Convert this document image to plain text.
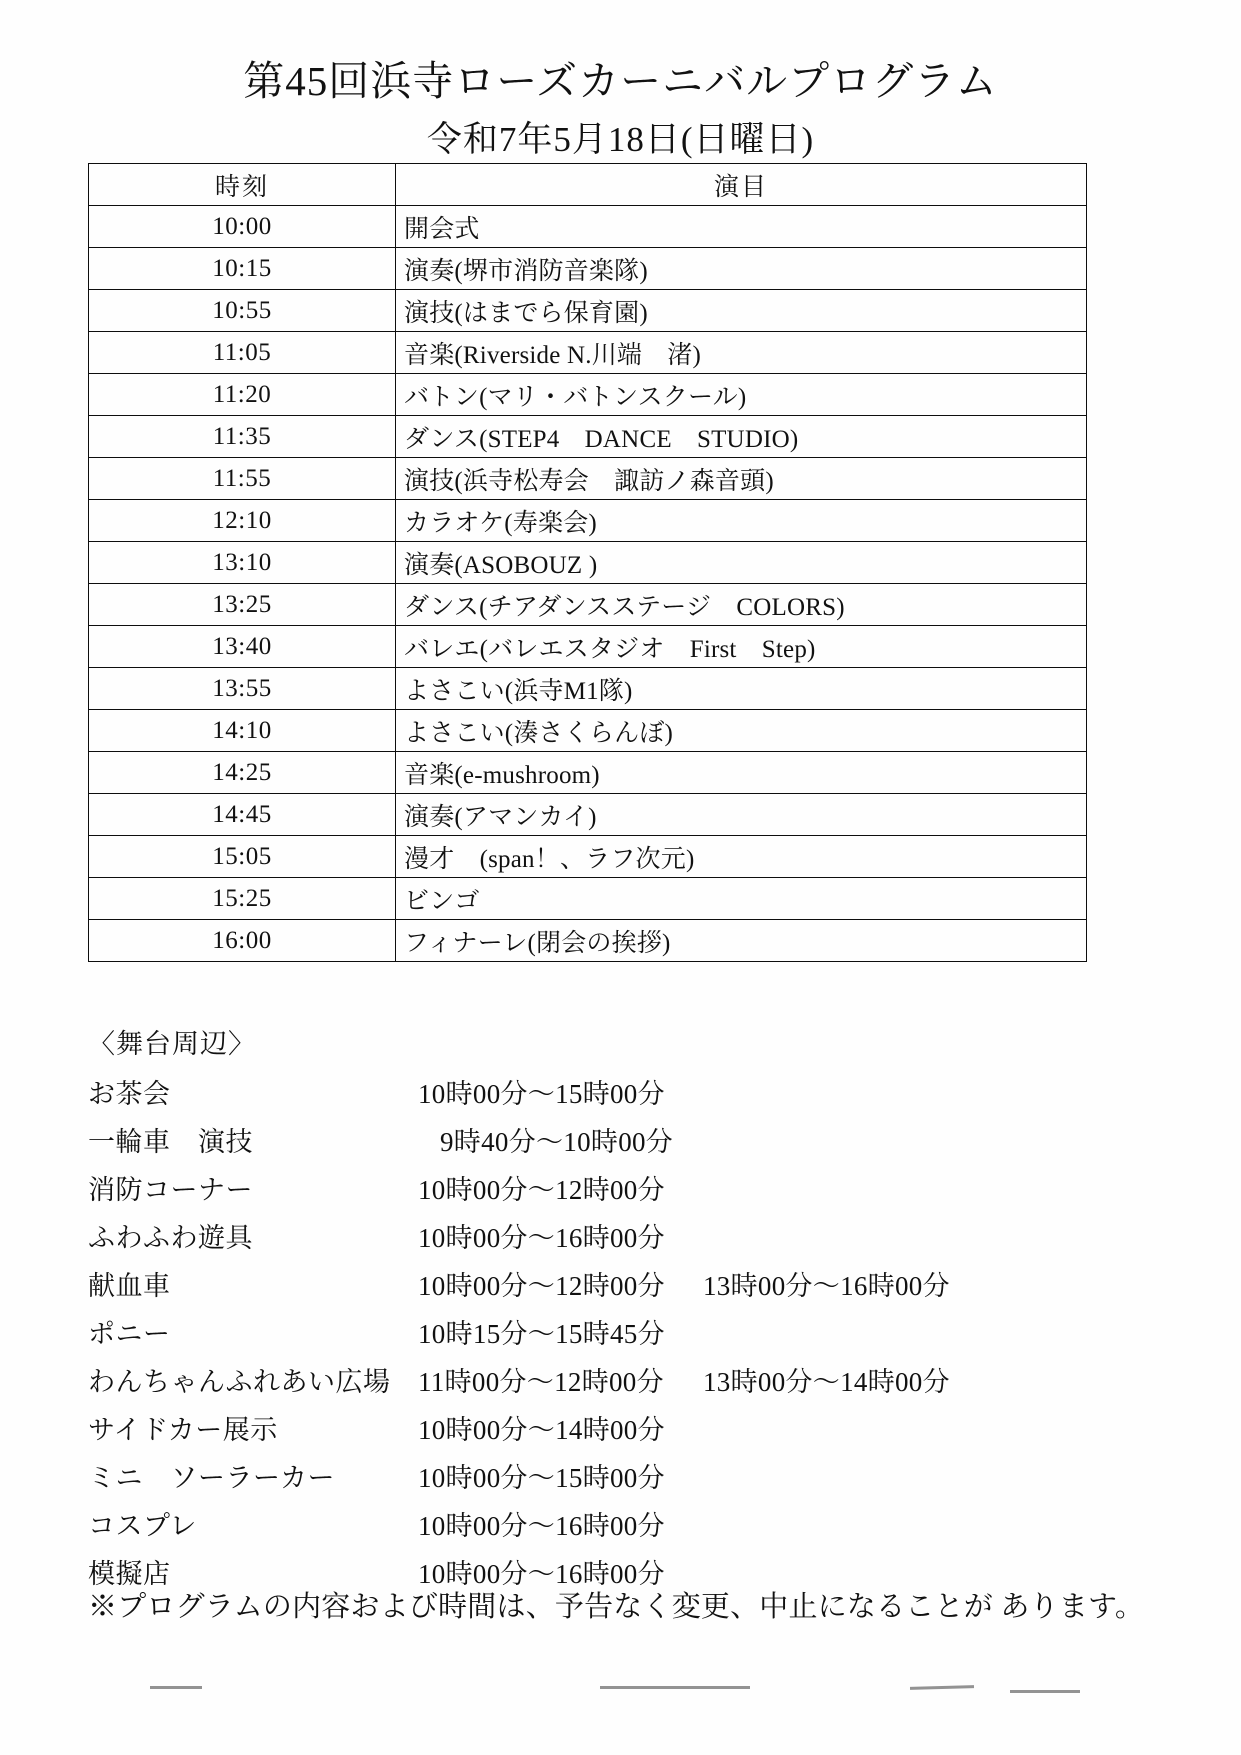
第45回浜寺ローズカーニバルプログラム
令和7年5月18日(日曜日)
時刻	演目
10:00	開会式
10:15	演奏(堺市消防音楽隊)
10:55	演技(はまでら保育園)
11:05	音楽(Riverside N.川端　渚)
11:20	バトン(マリ・バトンスクール)
11:35	ダンス(STEP4　DANCE　STUDIO)
11:55	演技(浜寺松寿会　諏訪ノ森音頭)
12:10	カラオケ(寿楽会)
13:10	演奏(ASOBOUZ )
13:25	ダンス(チアダンスステージ　COLORS)
13:40	バレエ(バレエスタジオ　First　Step)
13:55	よさこい(浜寺M1隊)
14:10	よさこい(湊さくらんぼ)
14:25	音楽(e-mushroom)
14:45	演奏(アマンカイ)
15:05	漫才　(span！、ラフ次元)
15:25	ビンゴ
16:00	フィナーレ(閉会の挨拶)
〈舞台周辺〉
お茶会	10時00分〜15時00分
一輪車　演技	9時40分〜10時00分
消防コーナー	10時00分〜12時00分
ふわふわ遊具	10時00分〜16時00分
献血車	10時00分〜12時00分	13時00分〜16時00分
ポニー	10時15分〜15時45分
わんちゃんふれあい広場	11時00分〜12時00分	13時00分〜14時00分
サイドカー展示	10時00分〜14時00分
ミニ　ソーラーカー	10時00分〜15時00分
コスプレ	10時00分〜16時00分
模擬店	10時00分〜16時00分
※プログラムの内容および時間は、予告なく変更、中止になることが あります。
